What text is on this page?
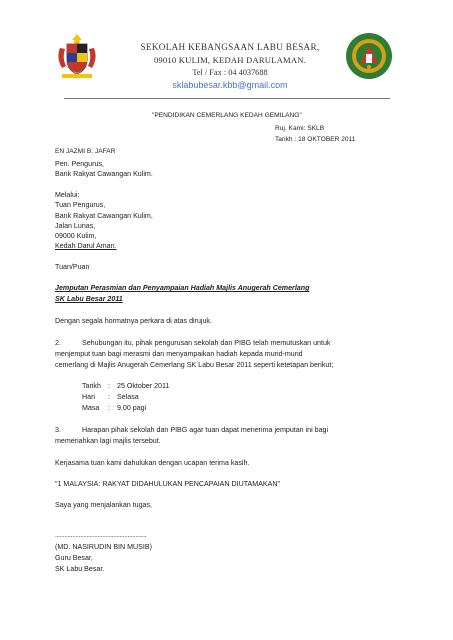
SEKOLAH KEBANGSAAN LABU BESAR,
09010 KULIM, KEDAH DARULAMAN.
Tel / Fax : 04 4037688
sklabubesar.kbb@gmail.com
"PENDIDIKAN CEMERLANG KEDAH GEMILANG"
Ruj. Kami: SKLB
Tarikh : 18 OKTOBER 2011
EN JAZMI B. JAFAR
Pen. Pengurus,
Bank Rakyat Cawangan Kulim.
Melalui:
Tuan Pengurus,
Bank Rakyat Cawangan Kulim,
Jalan Lunas,
09000 Kulim,
Kedah Darul Aman.
Tuan/Puan
Jemputan Perasmian dan Penyampaian Hadiah Majlis Anugerah Cemerlang
SK Labu Besar 2011
Dengan segala hormatnya perkara di atas dirujuk.
2.	Sehubungan itu, pihak pengurusan sekolah dan PIBG telah memutuskan untuk
menjemput tuan bagi merasmi dan menyampaikan hadiah kepada murid-murid
cemerlang di Majlis Anugerah Cemerlang SK Labu Besar 2011 seperti ketetapan berikut;
Tarikh : 25 Oktober 2011
Hari : Selasa
Masa : 9.00 pagi
3.	Harapan pihak sekolah dan PIBG agar tuan dapat menerima jemputan ini bagi
memeriahkan lagi majlis tersebut.
Kerjasama tuan kami dahulukan dengan ucapan terima kasih.
"1 MALAYSIA: RAKYAT DIDAHULUKAN PENCAPAIAN DIUTAMAKAN"
Saya yang menjalankan tugas,
..........................................................
(MD. NASIRUDIN BIN MUSIB)
Guru Besar,
SK Labu Besar.
